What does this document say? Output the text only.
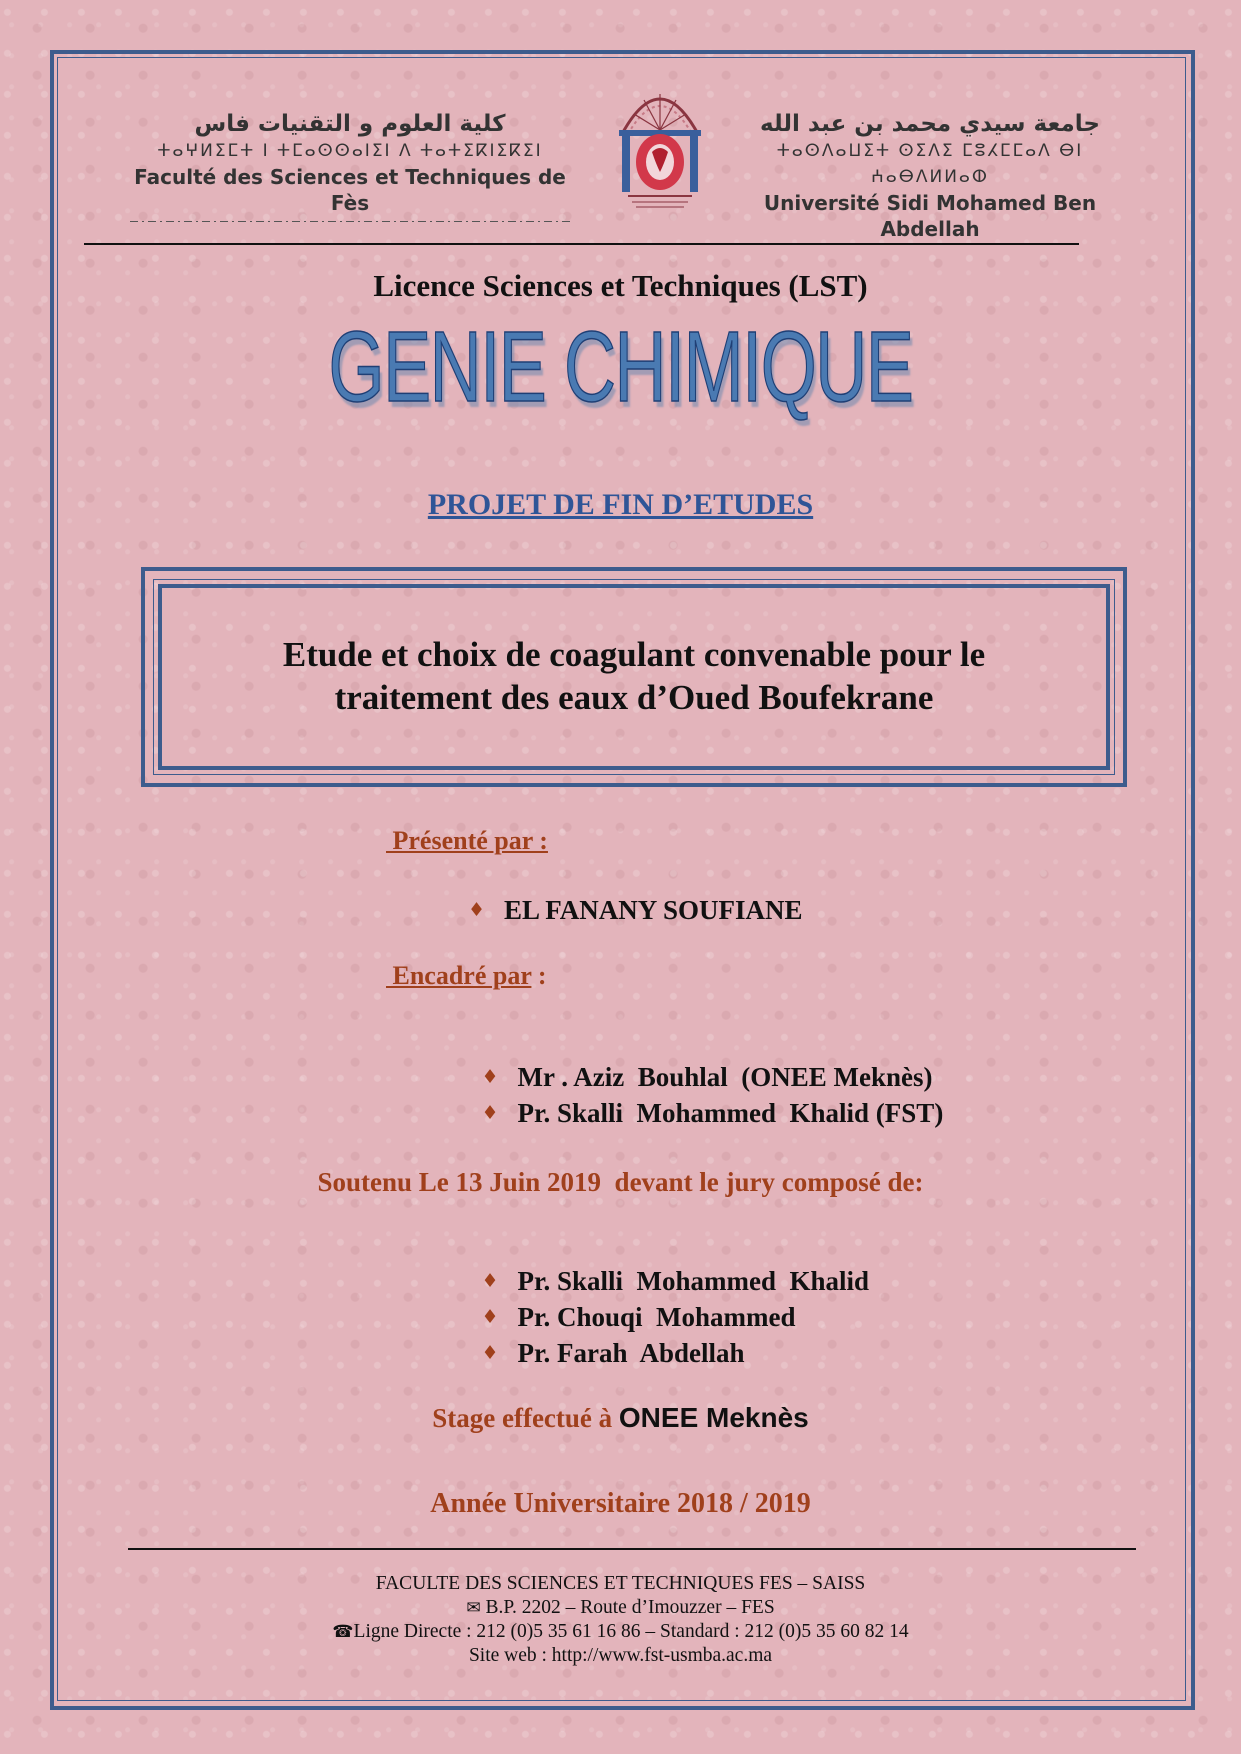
كلية العلوم و التقنيات فاس
ⵜⴰⵖⵍⵉⵎⵜ ⵏ ⵜⵎⴰⵙⵙⴰⵏⵉⵏ ⴷ ⵜⴰⵜⵉⴽⵏⵉⴽⵉⵏ
Faculté des Sciences et Techniques de Fès
جامعة سيدي محمد بن عبد الله
ⵜⴰⵙⴷⴰⵡⵉⵜ ⵙⵉⴷⵉ ⵎⵓⵃⵎⵎⴰⴷ ⴱⵏ ⵄⴰⴱⴷⵍⵍⴰⵀ
Université Sidi Mohamed Ben Abdellah
Licence Sciences et Techniques (LST)
GENIE CHIMIQUE
PROJET DE FIN D’ETUDES
Etude et choix de coagulant convenable pour le
traitement des eaux d’Oued Boufekrane
Présenté par :
♦ EL FANANY SOUFIANE
Encadré par :

♦ Mr . Aziz  Bouhlal  (ONEE Meknès)

♦ Pr. Skalli  Mohammed  Khalid (FST)

Soutenu Le 13 Juin 2019  devant le jury composé de:

♦ Pr. Skalli  Mohammed  Khalid

♦ Pr. Chouqi  Mohammed

♦ Pr. Farah  Abdellah

Stage effectué à ONEE Meknès
Année Universitaire 2018 / 2019
FACULTE DES SCIENCES ET TECHNIQUES FES – SAISS
✉ B.P. 2202 – Route d’Imouzzer – FES
☎Ligne Directe : 212 (0)5 35 61 16 86 – Standard : 212 (0)5 35 60 82 14
Site web : http://www.fst-usmba.ac.ma
